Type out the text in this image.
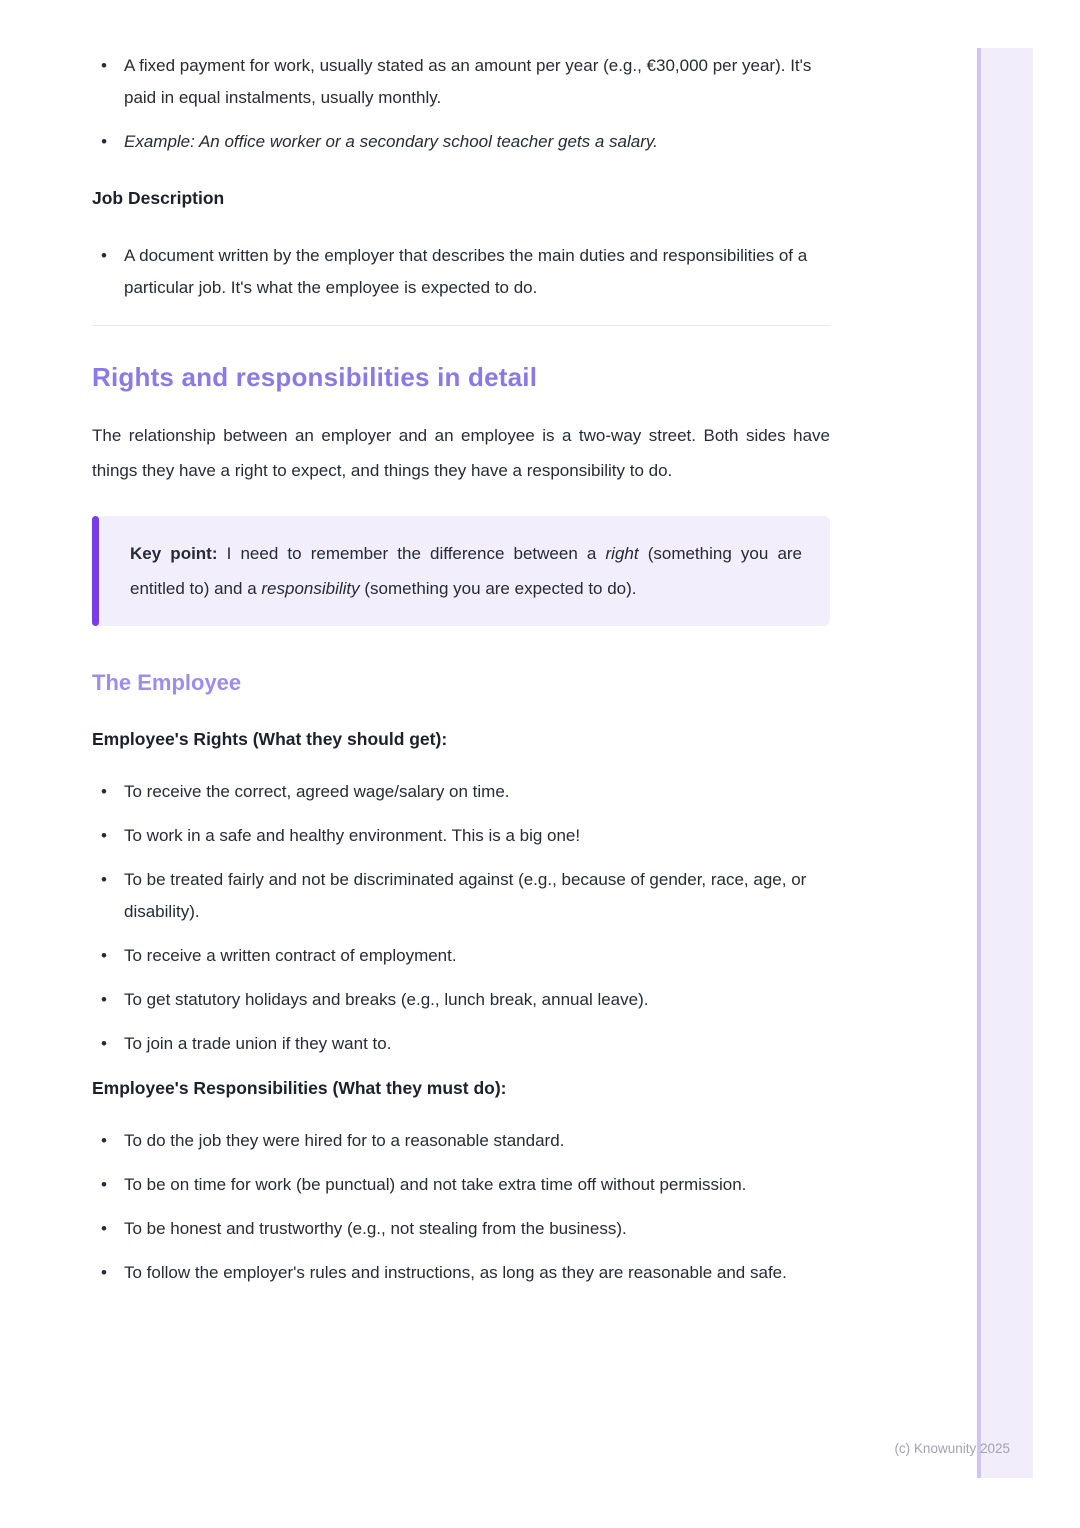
• A fixed payment for work, usually stated as an amount per year (e.g., €30,000 per year). It's paid in equal instalments, usually monthly.
• Example: An office worker or a secondary school teacher gets a salary.
Job Description
• A document written by the employer that describes the main duties and responsibilities of a particular job. It's what the employee is expected to do.
Rights and responsibilities in detail

The relationship between an employer and an employee is a two-way street. Both sides have things they have a right to expect, and things they have a responsibility to do.

Key point: I need to remember the difference between a right (something you are entitled to) and a responsibility (something you are expected to do).
The Employee
Employee's Rights (What they should get):
• To receive the correct, agreed wage/salary on time.
• To work in a safe and healthy environment. This is a big one!
• To be treated fairly and not be discriminated against (e.g., because of gender, race, age, or disability).
• To receive a written contract of employment.
• To get statutory holidays and breaks (e.g., lunch break, annual leave).
• To join a trade union if they want to.
Employee's Responsibilities (What they must do):
• To do the job they were hired for to a reasonable standard.
• To be on time for work (be punctual) and not take extra time off without permission.
• To be honest and trustworthy (e.g., not stealing from the business).
• To follow the employer's rules and instructions, as long as they are reasonable and safe.
(c) Knowunity 2025
